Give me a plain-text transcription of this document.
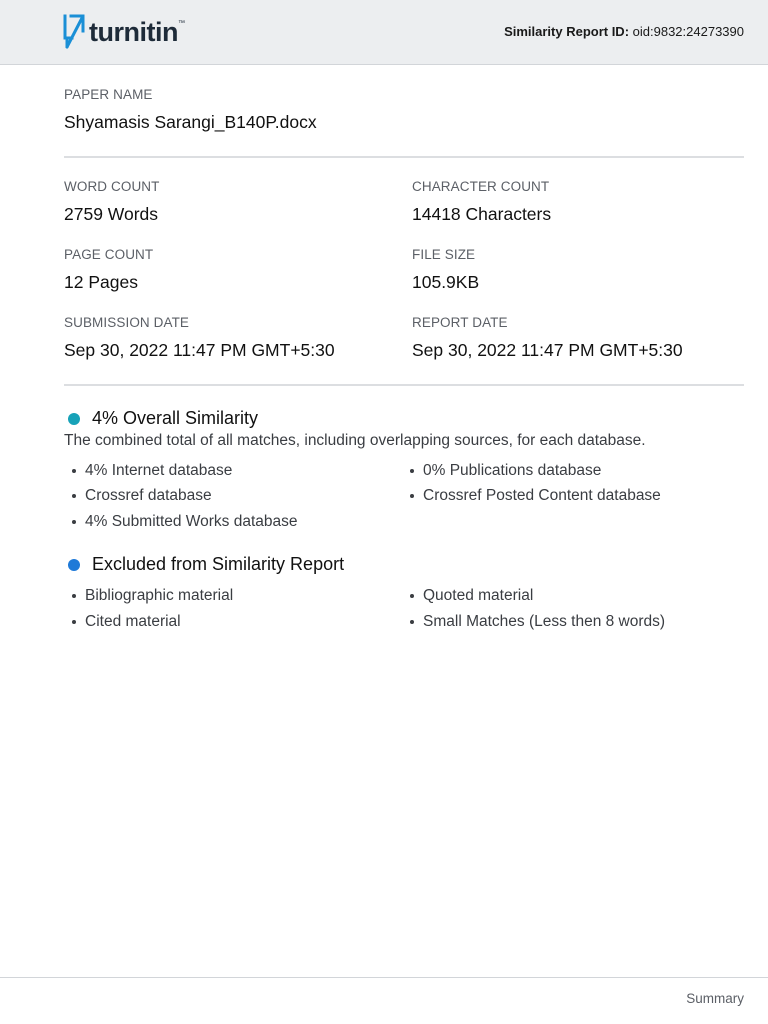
turnitin ™
Similarity Report ID: oid:9832:24273390
PAPER NAME
Shyamasis Sarangi_B140P.docx
WORD COUNT
2759 Words
CHARACTER COUNT
14418 Characters
PAGE COUNT
12 Pages
FILE SIZE
105.9KB
SUBMISSION DATE
Sep 30, 2022 11:47 PM GMT+5:30
REPORT DATE
Sep 30, 2022 11:47 PM GMT+5:30
4% Overall Similarity
The combined total of all matches, including overlapping sources, for each database.
4% Internet database	0% Publications database
Crossref database	Crossref Posted Content database
4% Submitted Works database
Excluded from Similarity Report
Bibliographic material	Quoted material
Cited material	Small Matches (Less then 8 words)
Summary
